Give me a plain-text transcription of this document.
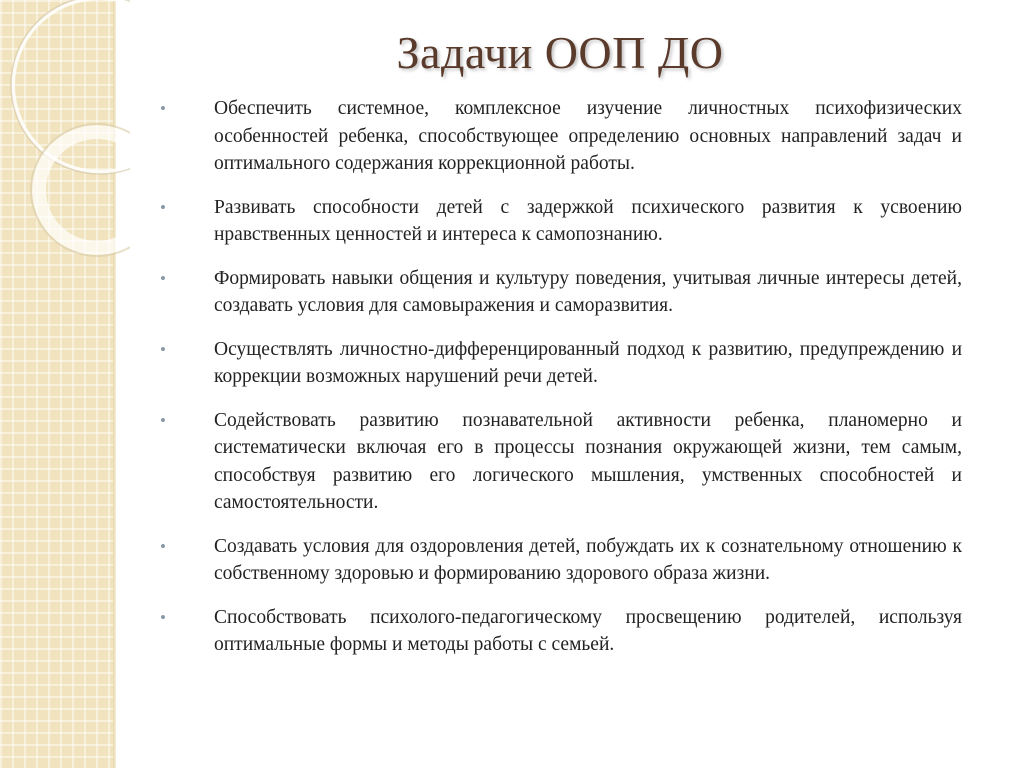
Задачи ООП ДО
• Обеспечить системное, комплексное изучение личностных психофизических особенностей ребенка, способствующее определению основных направлений задач и оптимального содержания коррекционной работы.
• Развивать способности детей с задержкой психического развития к усвоению нравственных ценностей и интереса к самопознанию.
• Формировать навыки общения и культуру поведения, учитывая личные интересы детей, создавать условия для самовыражения и саморазвития.
• Осуществлять личностно-дифференцированный подход к развитию, предупреждению и коррекции возможных нарушений речи детей.
• Содействовать развитию познавательной активности ребенка, планомерно и систематически включая его в процессы познания окружающей жизни, тем самым, способствуя развитию его логического мышления, умственных способностей и самостоятельности.
• Создавать условия для оздоровления детей, побуждать их к сознательному отношению к собственному здоровью и формированию здорового образа жизни.
• Способствовать психолого-педагогическому просвещению родителей, используя оптимальные формы и методы работы с семьей.
